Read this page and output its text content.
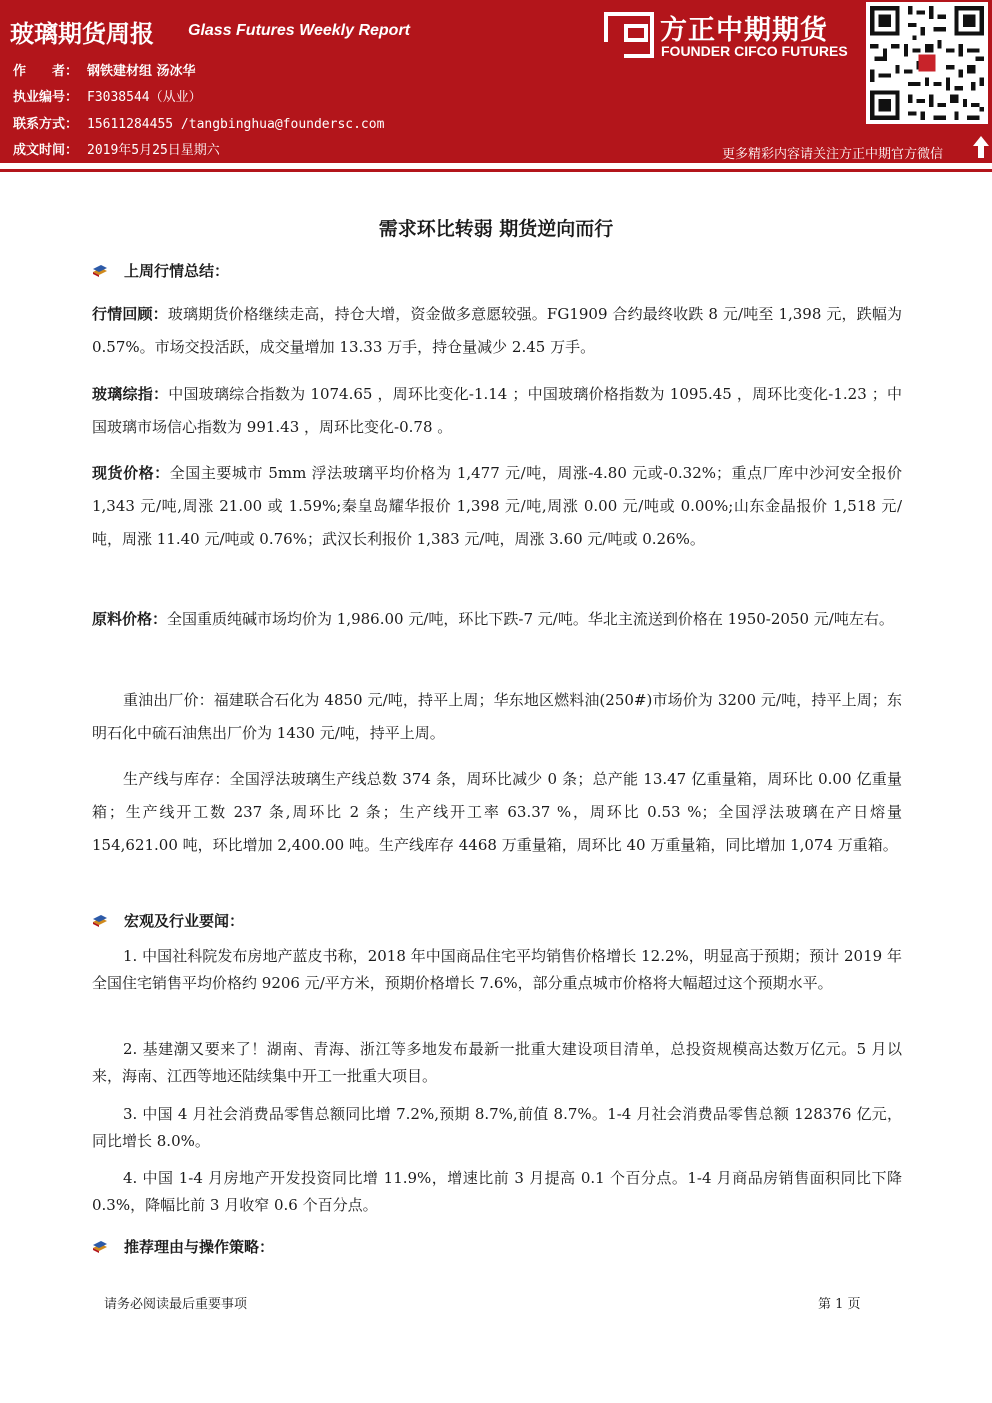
玻璃期货周报 Glass Futures Weekly Report
作　　者： 钢铁建材组 汤冰华
执业编号： F3038544（从业）
联系方式： 15611284455 /tangbinghua@foundersc.com
成文时间： 2019年5月25日星期六
方正中期期货
FOUNDER CIFCO FUTURES
更多精彩内容请关注方正中期官方微信
需求环比转弱 期货逆向而行
上周行情总结：
行情回顾：玻璃期货价格继续走高，持仓大增，资金做多意愿较强。FG1909 合约最终收跌 8 元/吨至 1,398 元，跌幅为 0.57%。市场交投活跃，成交量增加 13.33 万手，持仓量减少 2.45 万手。
玻璃综指：中国玻璃综合指数为 1074.65 ，周环比变化-1.14 ；中国玻璃价格指数为 1095.45 ，周环比变化-1.23 ；中国玻璃市场信心指数为 991.43 ，周环比变化-0.78 。
现货价格：全国主要城市 5mm 浮法玻璃平均价格为 1,477 元/吨，周涨-4.80 元或-0.32%；重点厂库中沙河安全报价 1,343 元/吨,周涨 21.00 或 1.59%;秦皇岛耀华报价 1,398 元/吨,周涨 0.00 元/吨或 0.00%;山东金晶报价 1,518 元/吨，周涨 11.40 元/吨或 0.76%；武汉长利报价 1,383 元/吨，周涨 3.60 元/吨或 0.26%。
原料价格：全国重质纯碱市场均价为 1,986.00 元/吨，环比下跌-7 元/吨。华北主流送到价格在 1950-2050 元/吨左右。
重油出厂价：福建联合石化为 4850 元/吨，持平上周；华东地区燃料油(250#)市场价为 3200 元/吨，持平上周；东明石化中硫石油焦出厂价为 1430 元/吨，持平上周。
生产线与库存：全国浮法玻璃生产线总数 374 条，周环比减少 0 条；总产能 13.47 亿重量箱，周环比 0.00 亿重量箱；生产线开工数 237 条,周环比 2 条；生产线开工率 63.37 %，周环比 0.53 %；全国浮法玻璃在产日熔量 154,621.00 吨，环比增加 2,400.00 吨。生产线库存 4468 万重量箱，周环比 40 万重量箱，同比增加 1,074 万重箱。
宏观及行业要闻：
1. 中国社科院发布房地产蓝皮书称，2018 年中国商品住宅平均销售价格增长 12.2%，明显高于预期；预计 2019 年全国住宅销售平均价格约 9206 元/平方米，预期价格增长 7.6%，部分重点城市价格将大幅超过这个预期水平。
2. 基建潮又要来了！湖南、青海、浙江等多地发布最新一批重大建设项目清单，总投资规模高达数万亿元。5 月以来，海南、江西等地还陆续集中开工一批重大项目。
3. 中国 4 月社会消费品零售总额同比增 7.2%,预期 8.7%,前值 8.7%。1-4 月社会消费品零售总额 128376 亿元，同比增长 8.0%。
4. 中国 1-4 月房地产开发投资同比增 11.9%，增速比前 3 月提高 0.1 个百分点。1-4 月商品房销售面积同比下降 0.3%，降幅比前 3 月收窄 0.6 个百分点。
推荐理由与操作策略：
请务必阅读最后重要事项	第 1 页
